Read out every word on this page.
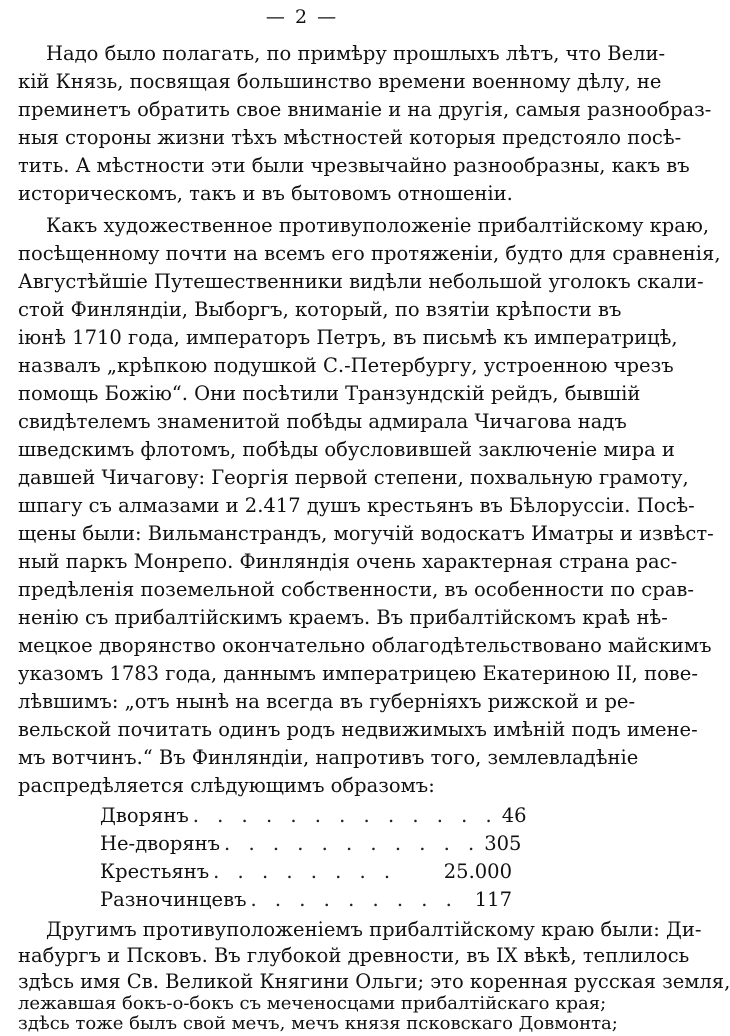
— 2 —
Надо было полагать, по примѣру прошлыхъ лѣтъ, что Вели-
кій Князь, посвящая большинство времени военному дѣлу, не
преминетъ обратить свое вниманіе и на другія, самыя разнообраз-
ныя стороны жизни тѣхъ мѣстностей которыя предстояло посѣ-
тить. А мѣстности эти были чрезвычайно разнообразны, какъ въ
историческомъ, такъ и въ бытовомъ отношеніи.
Какъ художественное противуположеніе прибалтійскому краю,
посѣщенному почти на всемъ его протяженіи, будто для сравненія,
Августѣйшіе Путешественники видѣли небольшой уголокъ скали-
стой Финляндіи, Выборгъ, который, по взятіи крѣпости въ
іюнѣ 1710 года, императоръ Петръ, въ письмѣ къ императрицѣ,
назвалъ „крѣпкою подушкой С.-Петербургу, устроенною чрезъ
помощь Божію“. Они посѣтили Транзундскій рейдъ, бывшій
свидѣтелемъ знаменитой побѣды адмирала Чичагова надъ
шведскимъ флотомъ, побѣды обусловившей заключеніе мира и
давшей Чичагову: Георгія первой степени, похвальную грамоту,
шпагу съ алмазами и 2.417 душъ крестьянъ въ Бѣлоруссіи. Посѣ-
щены были: Вильманстрандъ, могучій водоскатъ Иматры и извѣст-
ный паркъ Монрепо. Финляндія очень характерная страна рас-
предѣленія поземельной собственности, въ особенности по срав-
ненію съ прибалтійскимъ краемъ. Въ прибалтійскомъ краѣ нѣ-
мецкое дворянство окончательно облагодѣтельствовано майскимъ
указомъ 1783 года, даннымъ императрицею Екатериною II, пове-
лѣвшимъ: „отъ нынѣ на всегда въ губерніяхъ рижской и ре-
вельской почитать одинъ родъ недвижимыхъ имѣній подъ имене-
мъ вотчинъ.“ Въ Финляндіи, напротивъ того, землевладѣніе
распредѣляется слѣдующимъ образомъ:
Дворянъ . . . . . . . . . . . . . 46
Не-дворянъ . . . . . . . . . . . 305
Крестьянъ . . . . . . . .	25.000
Разночинцевъ . . . . . . . . . 117
Другимъ противуположеніемъ прибалтійскому краю были: Ди-
набургъ и Псковъ. Въ глубокой древности, въ IX вѣкѣ, теплилось
здѣсь имя Св. Великой Княгини Ольги; это коренная русская земля,
лежавшая бокъ-о-бокъ съ меченосцами прибалтійскаго края;
здѣсь тоже былъ свой мечъ, мечъ князя псковскаго Довмонта;
